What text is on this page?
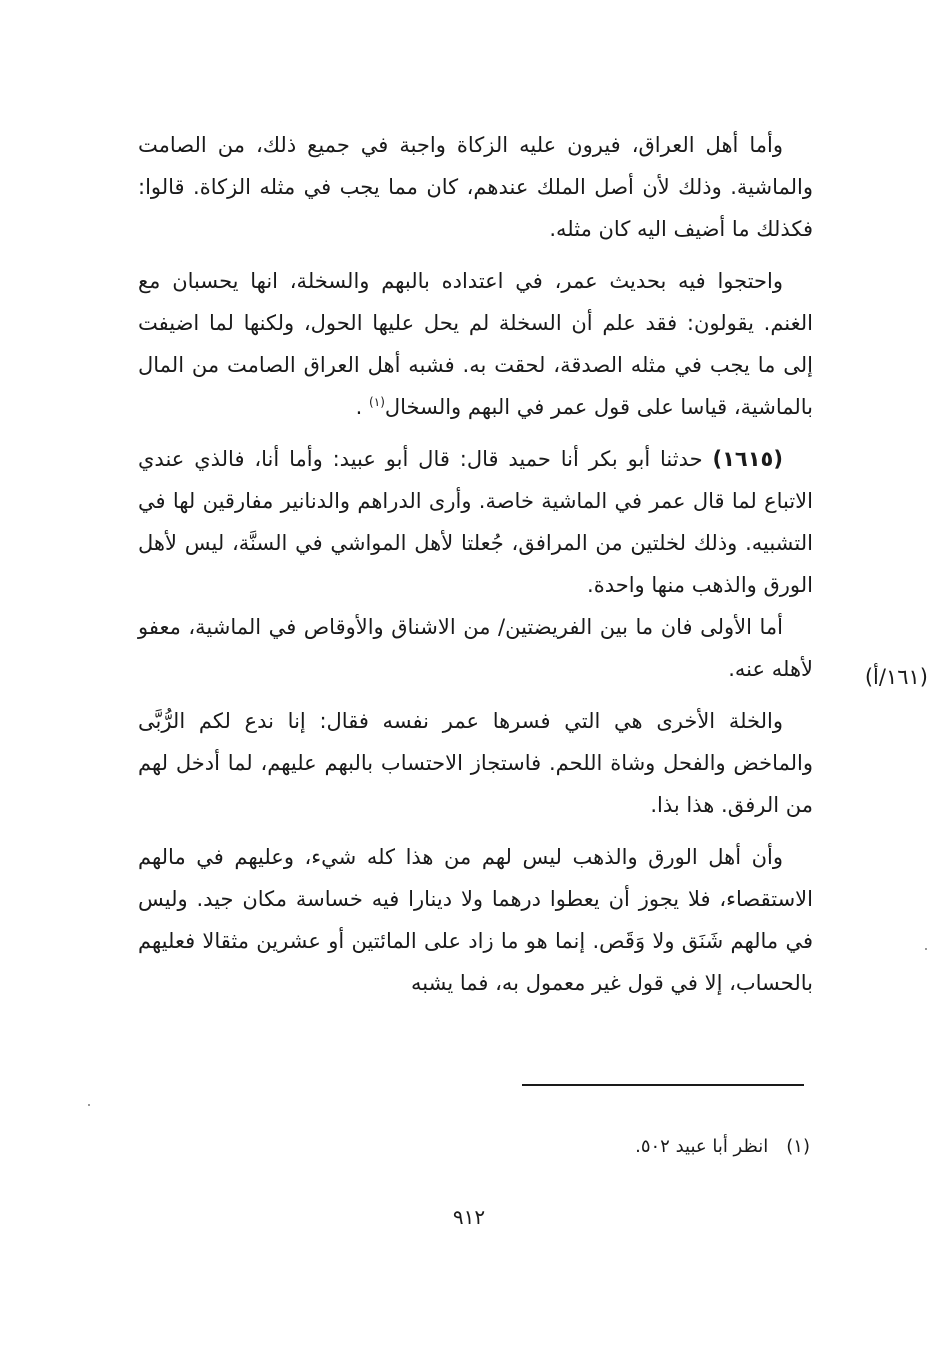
وأما أهل العراق، فيرون عليه الزكاة واجبة في جميع ذلك، من الصامت والماشية. وذلك لأن أصل الملك عندهم، كان مما يجب في مثله الزكاة. قالوا: فكذلك ما أضيف اليه كان مثله.

واحتجوا فيه بحديث عمر، في اعتداده بالبهم والسخلة، انها يحسبان مع الغنم. يقولون: فقد علم أن السخلة لم يحل عليها الحول، ولكنها لما اضيفت إلى ما يجب في مثله الصدقة، لحقت به. فشبه أهل العراق الصامت من المال بالماشية، قياسا على قول عمر في البهم والسخال$^{(١)}$ .

(١٦١٥) حدثنا أبو بكر أنا حميد قال: قال أبو عبيد: وأما أنا، فالذي عندي الاتباع لما قال عمر في الماشية خاصة. وأرى الدراهم والدنانير مفارقين لها في التشبيه. وذلك لخلتين من المرافق، جُعلتا لأهل المواشي في السنَّة، ليس لأهل الورق والذهب منها واحدة.

أما الأولى فان ما بين الفريضتين/ من الاشناق والأوقاص في الماشية، معفو لأهله عنه.

والخلة الأخرى هي التي فسرها عمر نفسه فقال: إنا ندع لكم الرُّبَّى والماخض والفحل وشاة اللحم. فاستجاز الاحتساب بالبهم عليهم، لما أدخل لهم من الرفق. هذا بذا.

وأن أهل الورق والذهب ليس لهم من هذا كله شيء، وعليهم في مالهم الاستقصاء، فلا يجوز أن يعطوا درهما ولا دينارا فيه خساسة مكان جيد. وليس في مالهم شَنَق ولا وَقَص. إنما هو ما زاد على المائتين أو عشرين مثقالا فعليهم بالحساب، إلا في قول غير معمول به، فما يشبه

(١٦١/أ)
(١)انظر أبا عبيد ٥٠٢.
٩١٢
